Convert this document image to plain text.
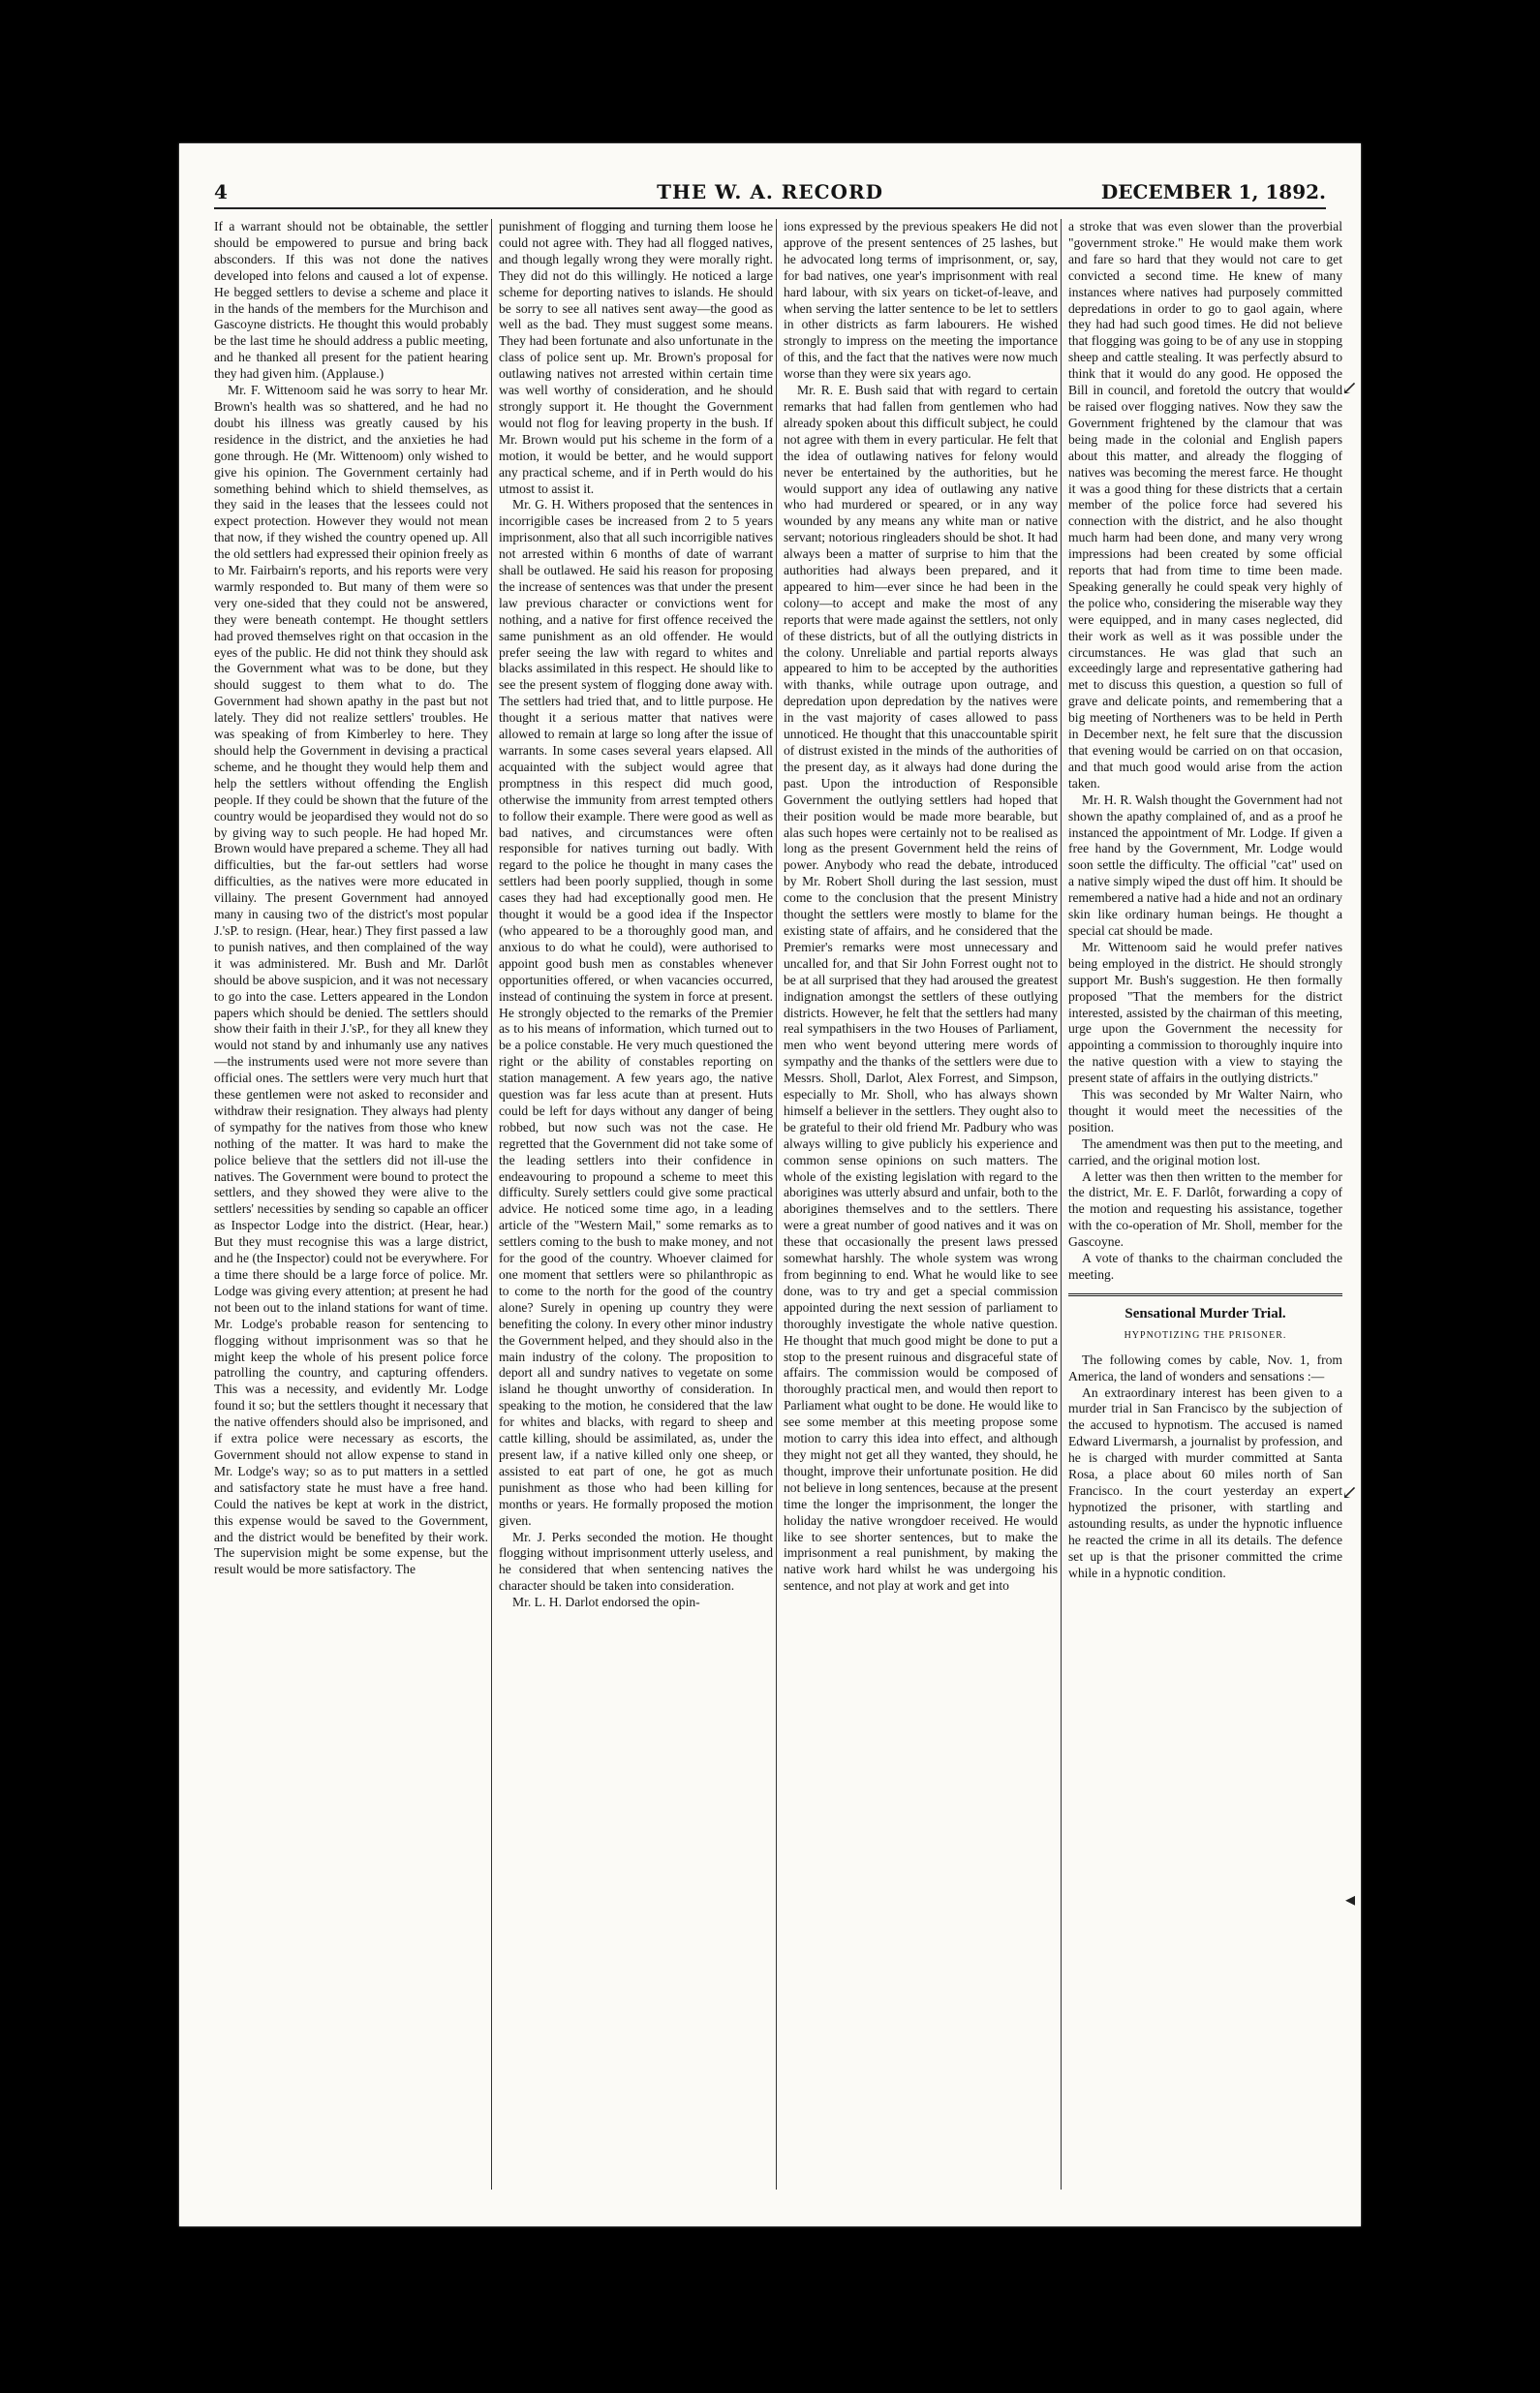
4	THE W. A. RECORD	DECEMBER 1, 1892.

If a warrant should not be obtainable, the settler should be empowered to pursue and bring back absconders. If this was not done the natives developed into felons and caused a lot of expense. He begged settlers to devise a scheme and place it in the hands of the members for the Murchison and Gascoyne districts. He thought this would probably be the last time he should address a public meeting, and he thanked all present for the patient hearing they had given him. (Applause.)

Mr. F. Wittenoom said he was sorry to hear Mr. Brown's health was so shattered, and he had no doubt his illness was greatly caused by his residence in the district, and the anxieties he had gone through. He (Mr. Wittenoom) only wished to give his opinion. The Government certainly had something behind which to shield themselves, as they said in the leases that the lessees could not expect protection. However they would not mean that now, if they wished the country opened up. All the old settlers had expressed their opinion freely as to Mr. Fairbairn's reports, and his reports were very warmly responded to. But many of them were so very one-sided that they could not be answered, they were beneath contempt. He thought settlers had proved themselves right on that occasion in the eyes of the public. He did not think they should ask the Government what was to be done, but they should suggest to them what to do. The Government had shown apathy in the past but not lately. They did not realize settlers' troubles. He was speaking of from Kimberley to here. They should help the Government in devising a practical scheme, and he thought they would help them and help the settlers without offending the English people. If they could be shown that the future of the country would be jeopardised they would not do so by giving way to such people. He had hoped Mr. Brown would have prepared a scheme. They all had difficulties, but the far-out settlers had worse difficulties, as the natives were more educated in villainy. The present Government had annoyed many in causing two of the district's most popular J.'sP. to resign. (Hear, hear.) They first passed a law to punish natives, and then complained of the way it was administered. Mr. Bush and Mr. Darlôt should be above suspicion, and it was not necessary to go into the case. Letters appeared in the London papers which should be denied. The settlers should show their faith in their J.'sP., for they all knew they would not stand by and inhumanly use any natives—the instruments used were not more severe than official ones. The settlers were very much hurt that these gentlemen were not asked to reconsider and withdraw their resignation. They always had plenty of sympathy for the natives from those who knew nothing of the matter. It was hard to make the police believe that the settlers did not ill-use the natives. The Government were bound to protect the settlers, and they showed they were alive to the settlers' necessities by sending so capable an officer as Inspector Lodge into the district. (Hear, hear.) But they must recognise this was a large district, and he (the Inspector) could not be everywhere. For a time there should be a large force of police. Mr. Lodge was giving every attention; at present he had not been out to the inland stations for want of time. Mr. Lodge's probable reason for sentencing to flogging without imprisonment was so that he might keep the whole of his present police force patrolling the country, and capturing offenders. This was a necessity, and evidently Mr. Lodge found it so; but the settlers thought it necessary that the native offenders should also be imprisoned, and if extra police were necessary as escorts, the Government should not allow expense to stand in Mr. Lodge's way; so as to put matters in a settled and satisfactory state he must have a free hand. Could the natives be kept at work in the district, this expense would be saved to the Government, and the district would be benefited by their work. The supervision might be some expense, but the result would be more satisfactory. The

punishment of flogging and turning them loose he could not agree with. They had all flogged natives, and though legally wrong they were morally right. They did not do this willingly. He noticed a large scheme for deporting natives to islands. He should be sorry to see all natives sent away—the good as well as the bad. They must suggest some means. They had been fortunate and also unfortunate in the class of police sent up. Mr. Brown's proposal for outlawing natives not arrested within certain time was well worthy of consideration, and he should strongly support it. He thought the Government would not flog for leaving property in the bush. If Mr. Brown would put his scheme in the form of a motion, it would be better, and he would support any practical scheme, and if in Perth would do his utmost to assist it.

Mr. G. H. Withers proposed that the sentences in incorrigible cases be increased from 2 to 5 years imprisonment, also that all such incorrigible natives not arrested within 6 months of date of warrant shall be outlawed. He said his reason for proposing the increase of sentences was that under the present law previous character or convictions went for nothing, and a native for first offence received the same punishment as an old offender. He would prefer seeing the law with regard to whites and blacks assimilated in this respect. He should like to see the present system of flogging done away with. The settlers had tried that, and to little purpose. He thought it a serious matter that natives were allowed to remain at large so long after the issue of warrants. In some cases several years elapsed. All acquainted with the subject would agree that promptness in this respect did much good, otherwise the immunity from arrest tempted others to follow their example. There were good as well as bad natives, and circumstances were often responsible for natives turning out badly. With regard to the police he thought in many cases the settlers had been poorly supplied, though in some cases they had had exceptionally good men. He thought it would be a good idea if the Inspector (who appeared to be a thoroughly good man, and anxious to do what he could), were authorised to appoint good bush men as constables whenever opportunities offered, or when vacancies occurred, instead of continuing the system in force at present. He strongly objected to the remarks of the Premier as to his means of information, which turned out to be a police constable. He very much questioned the right or the ability of constables reporting on station management. A few years ago, the native question was far less acute than at present. Huts could be left for days without any danger of being robbed, but now such was not the case. He regretted that the Government did not take some of the leading settlers into their confidence in endeavouring to propound a scheme to meet this difficulty. Surely settlers could give some practical advice. He noticed some time ago, in a leading article of the "Western Mail," some remarks as to settlers coming to the bush to make money, and not for the good of the country. Whoever claimed for one moment that settlers were so philanthropic as to come to the north for the good of the country alone? Surely in opening up country they were benefiting the colony. In every other minor industry the Government helped, and they should also in the main industry of the colony. The proposition to deport all and sundry natives to vegetate on some island he thought unworthy of consideration. In speaking to the motion, he considered that the law for whites and blacks, with regard to sheep and cattle killing, should be assimilated, as, under the present law, if a native killed only one sheep, or assisted to eat part of one, he got as much punishment as those who had been killing for months or years. He formally proposed the motion given.

Mr. J. Perks seconded the motion. He thought flogging without imprisonment utterly useless, and he considered that when sentencing natives the character should be taken into consideration.

Mr. L. H. Darlot endorsed the opin-

ions expressed by the previous speakers He did not approve of the present sentences of 25 lashes, but he advocated long terms of imprisonment, or, say, for bad natives, one year's imprisonment with real hard labour, with six years on ticket-of-leave, and when serving the latter sentence to be let to settlers in other districts as farm labourers. He wished strongly to impress on the meeting the importance of this, and the fact that the natives were now much worse than they were six years ago.

Mr. R. E. Bush said that with regard to certain remarks that had fallen from gentlemen who had already spoken about this difficult subject, he could not agree with them in every particular. He felt that the idea of outlawing natives for felony would never be entertained by the authorities, but he would support any idea of outlawing any native who had murdered or speared, or in any way wounded by any means any white man or native servant; notorious ringleaders should be shot. It had always been a matter of surprise to him that the authorities had always been prepared, and it appeared to him—ever since he had been in the colony—to accept and make the most of any reports that were made against the settlers, not only of these districts, but of all the outlying districts in the colony. Unreliable and partial reports always appeared to him to be accepted by the authorities with thanks, while outrage upon outrage, and depredation upon depredation by the natives were in the vast majority of cases allowed to pass unnoticed. He thought that this unaccountable spirit of distrust existed in the minds of the authorities of the present day, as it always had done during the past. Upon the introduction of Responsible Government the outlying settlers had hoped that their position would be made more bearable, but alas such hopes were certainly not to be realised as long as the present Government held the reins of power. Anybody who read the debate, introduced by Mr. Robert Sholl during the last session, must come to the conclusion that the present Ministry thought the settlers were mostly to blame for the existing state of affairs, and he considered that the Premier's remarks were most unnecessary and uncalled for, and that Sir John Forrest ought not to be at all surprised that they had aroused the greatest indignation amongst the settlers of these outlying districts. However, he felt that the settlers had many real sympathisers in the two Houses of Parliament, men who went beyond uttering mere words of sympathy and the thanks of the settlers were due to Messrs. Sholl, Darlot, Alex Forrest, and Simpson, especially to Mr. Sholl, who has always shown himself a believer in the settlers. They ought also to be grateful to their old friend Mr. Padbury who was always willing to give publicly his experience and common sense opinions on such matters. The whole of the existing legislation with regard to the aborigines was utterly absurd and unfair, both to the aborigines themselves and to the settlers. There were a great number of good natives and it was on these that occasionally the present laws pressed somewhat harshly. The whole system was wrong from beginning to end. What he would like to see done, was to try and get a special commission appointed during the next session of parliament to thoroughly investigate the whole native question. He thought that much good might be done to put a stop to the present ruinous and disgraceful state of affairs. The commission would be composed of thoroughly practical men, and would then report to Parliament what ought to be done. He would like to see some member at this meeting propose some motion to carry this idea into effect, and although they might not get all they wanted, they should, he thought, improve their unfortunate position. He did not believe in long sentences, because at the present time the longer the imprisonment, the longer the holiday the native wrongdoer received. He would like to see shorter sentences, but to make the imprisonment a real punishment, by making the native work hard whilst he was undergoing his sentence, and not play at work and get into

a stroke that was even slower than the proverbial "government stroke." He would make them work and fare so hard that they would not care to get convicted a second time. He knew of many instances where natives had purposely committed depredations in order to go to gaol again, where they had had such good times. He did not believe that flogging was going to be of any use in stopping sheep and cattle stealing. It was perfectly absurd to think that it would do any good. He opposed the Bill in council, and foretold the outcry that would be raised over flogging natives. Now they saw the Government frightened by the clamour that was being made in the colonial and English papers about this matter, and already the flogging of natives was becoming the merest farce. He thought it was a good thing for these districts that a certain member of the police force had severed his connection with the district, and he also thought much harm had been done, and many very wrong impressions had been created by some official reports that had from time to time been made. Speaking generally he could speak very highly of the police who, considering the miserable way they were equipped, and in many cases neglected, did their work as well as it was possible under the circumstances. He was glad that such an exceedingly large and representative gathering had met to discuss this question, a question so full of grave and delicate points, and remembering that a big meeting of Northeners was to be held in Perth in December next, he felt sure that the discussion that evening would be carried on on that occasion, and that much good would arise from the action taken.

Mr. H. R. Walsh thought the Government had not shown the apathy complained of, and as a proof he instanced the appointment of Mr. Lodge. If given a free hand by the Government, Mr. Lodge would soon settle the difficulty. The official "cat" used on a native simply wiped the dust off him. It should be remembered a native had a hide and not an ordinary skin like ordinary human beings. He thought a special cat should be made.

Mr. Wittenoom said he would prefer natives being employed in the district. He should strongly support Mr. Bush's suggestion. He then formally proposed "That the members for the district interested, assisted by the chairman of this meeting, urge upon the Government the necessity for appointing a commission to thoroughly inquire into the native question with a view to staying the present state of affairs in the outlying districts."

This was seconded by Mr Walter Nairn, who thought it would meet the necessities of the position.

The amendment was then put to the meeting, and carried, and the original motion lost.

A letter was then then written to the member for the district, Mr. E. F. Darlôt, forwarding a copy of the motion and requesting his assistance, together with the co-operation of Mr. Sholl, member for the Gascoyne.

A vote of thanks to the chairman concluded the meeting.

Sensational Murder Trial.
HYPNOTIZING THE PRISONER.

The following comes by cable, Nov. 1, from America, the land of wonders and sensations :—

An extraordinary interest has been given to a murder trial in San Francisco by the subjection of the accused to hypnotism. The accused is named Edward Livermarsh, a journalist by profession, and he is charged with murder committed at Santa Rosa, a place about 60 miles north of San Francisco. In the court yesterday an expert hypnotized the prisoner, with startling and astounding results, as under the hypnotic influence he reacted the crime in all its details. The defence set up is that the prisoner committed the crime while in a hypnotic condition.

↙
↙
◂
